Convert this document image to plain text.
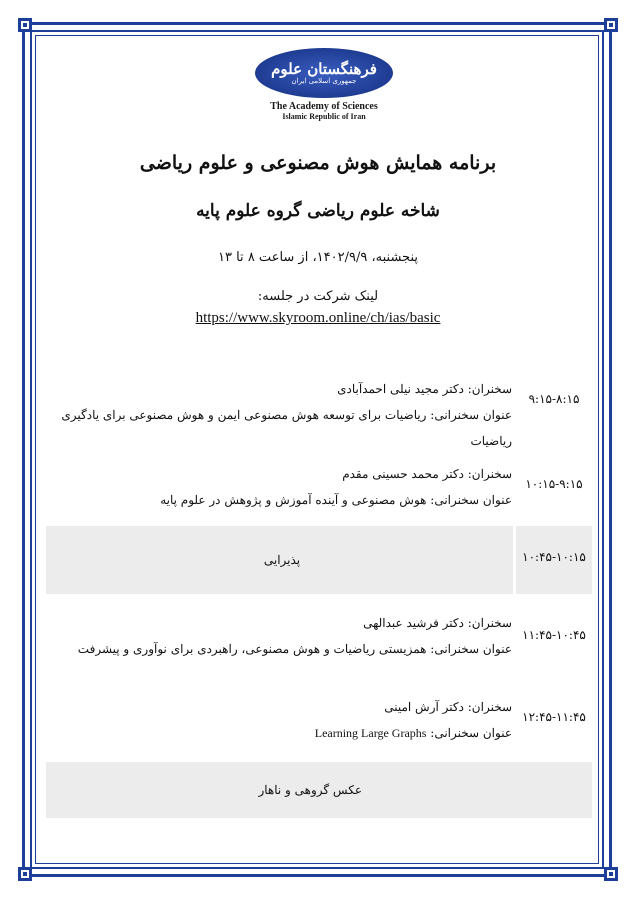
فرهنگستان علوم
جمهوری اسلامی ایران
The Academy of Sciences
Islamic Republic of Iran
برنامه همایش هوش مصنوعی و علوم ریاضی
شاخه علوم ریاضی گروه علوم پایه
پنجشنبه، ۱۴۰۲/۹/۹، از ساعت ۸ تا ۱۳
لینک شرکت در جلسه:
https://www.skyroom.online/ch/ias/basic
۹:۱۵-۸:۱۵
سخنران: دکتر مجید نیلی احمدآبادی
عنوان سخنرانی: ریاضیات برای توسعه هوش مصنوعی ایمن و هوش مصنوعی برای یادگیری ریاضیات
۱۰:۱۵-۹:۱۵
سخنران: دکتر محمد حسینی مقدم
عنوان سخنرانی: هوش مصنوعی و آینده آموزش و پژوهش در علوم پایه
۱۰:۴۵-۱۰:۱۵
پذیرایی
۱۱:۴۵-۱۰:۴۵
سخنران: دکتر فرشید عبدالهی
عنوان سخنرانی: همزیستی ریاضیات و هوش مصنوعی، راهبردی برای نوآوری و پیشرفت
۱۲:۴۵-۱۱:۴۵
سخنران: دکتر آرش امینی
عنوان سخنرانی: Learning Large Graphs
عکس گروهی و ناهار
